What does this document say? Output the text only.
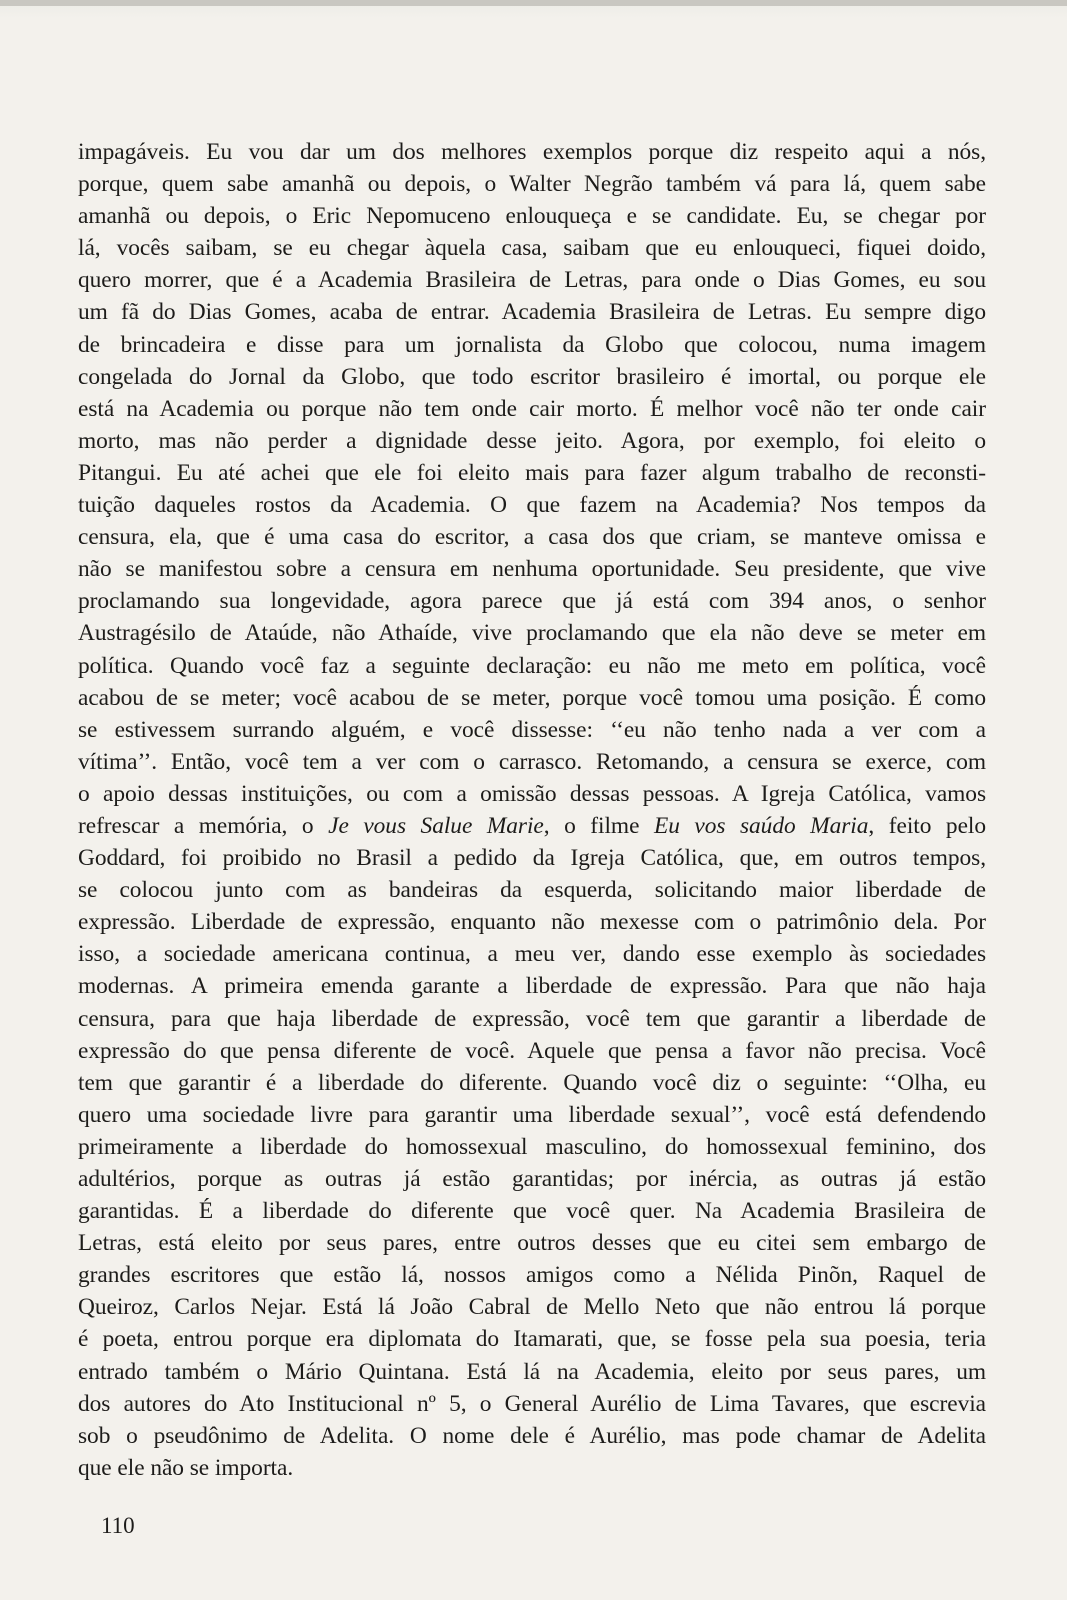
impagáveis. Eu vou dar um dos melhores exemplos porque diz respeito aqui a nós,
porque, quem sabe amanhã ou depois, o Walter Negrão também vá para lá, quem sabe
amanhã ou depois, o Eric Nepomuceno enlouqueça e se candidate. Eu, se chegar por
lá, vocês saibam, se eu chegar àquela casa, saibam que eu enlouqueci, fiquei doido,
quero morrer, que é a Academia Brasileira de Letras, para onde o Dias Gomes, eu sou
um fã do Dias Gomes, acaba de entrar. Academia Brasileira de Letras. Eu sempre digo
de brincadeira e disse para um jornalista da Globo que colocou, numa imagem
congelada do Jornal da Globo, que todo escritor brasileiro é imortal, ou porque ele
está na Academia ou porque não tem onde cair morto. É melhor você não ter onde cair
morto, mas não perder a dignidade desse jeito. Agora, por exemplo, foi eleito o
Pitangui. Eu até achei que ele foi eleito mais para fazer algum trabalho de reconsti-
tuição daqueles rostos da Academia. O que fazem na Academia? Nos tempos da
censura, ela, que é uma casa do escritor, a casa dos que criam, se manteve omissa e
não se manifestou sobre a censura em nenhuma oportunidade. Seu presidente, que vive
proclamando sua longevidade, agora parece que já está com 394 anos, o senhor
Austragésilo de Ataúde, não Athaíde, vive proclamando que ela não deve se meter em
política. Quando você faz a seguinte declaração: eu não me meto em política, você
acabou de se meter; você acabou de se meter, porque você tomou uma posição. É como
se estivessem surrando alguém, e você dissesse: ‘‘eu não tenho nada a ver com a
vítima’’. Então, você tem a ver com o carrasco. Retomando, a censura se exerce, com
o apoio dessas instituições, ou com a omissão dessas pessoas. A Igreja Católica, vamos
refrescar a memória, o Je vous Salue Marie, o filme Eu vos saúdo Maria, feito pelo
Goddard, foi proibido no Brasil a pedido da Igreja Católica, que, em outros tempos,
se colocou junto com as bandeiras da esquerda, solicitando maior liberdade de
expressão. Liberdade de expressão, enquanto não mexesse com o patrimônio dela. Por
isso, a sociedade americana continua, a meu ver, dando esse exemplo às sociedades
modernas. A primeira emenda garante a liberdade de expressão. Para que não haja
censura, para que haja liberdade de expressão, você tem que garantir a liberdade de
expressão do que pensa diferente de você. Aquele que pensa a favor não precisa. Você
tem que garantir é a liberdade do diferente. Quando você diz o seguinte: ‘‘Olha, eu
quero uma sociedade livre para garantir uma liberdade sexual’’, você está defendendo
primeiramente a liberdade do homossexual masculino, do homossexual feminino, dos
adultérios, porque as outras já estão garantidas; por inércia, as outras já estão
garantidas. É a liberdade do diferente que você quer. Na Academia Brasileira de
Letras, está eleito por seus pares, entre outros desses que eu citei sem embargo de
grandes escritores que estão lá, nossos amigos como a Nélida Pinõn, Raquel de
Queiroz, Carlos Nejar. Está lá João Cabral de Mello Neto que não entrou lá porque
é poeta, entrou porque era diplomata do Itamarati, que, se fosse pela sua poesia, teria
entrado também o Mário Quintana. Está lá na Academia, eleito por seus pares, um
dos autores do Ato Institucional nº 5, o General Aurélio de Lima Tavares, que escrevia
sob o pseudônimo de Adelita. O nome dele é Aurélio, mas pode chamar de Adelita
que ele não se importa.
110
